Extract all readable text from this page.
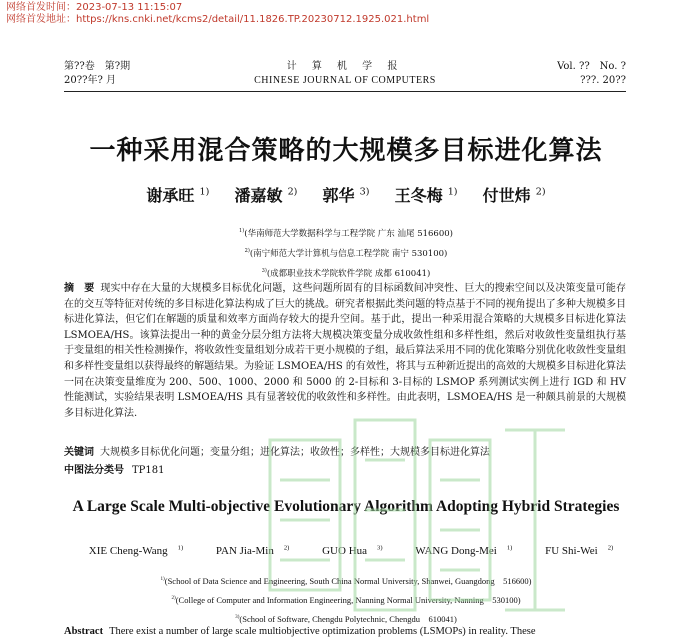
网络首发时间：2023-07-13 11:15:07
网络首发地址：https://kns.cnki.net/kcms2/detail/11.1826.TP.20230712.1925.021.html
第??卷　第?期
20??年? 月
计 算 机 学 报
CHINESE JOURNAL OF COMPUTERS
Vol. ??　No. ?
???. 20??
一种采用混合策略的大规模多目标进化算法
谢承旺 $^{1)}$ 潘嘉敏 $^{2)}$ 郭华 $^{3)}$ 王冬梅 $^{1)}$ 付世炜 $^{2)}$
$^{1)}$(华南师范大学数据科学与工程学院 广东 汕尾 516600)
$^{2)}$(南宁师范大学计算机与信息工程学院 南宁 530100)
$^{3)}$(成都职业技术学院软件学院 成都 610041)
摘　要 现实中存在大量的大规模多目标优化问题，这些问题所固有的目标函数间冲突性、巨大的搜索空间以及决策变量可能存在的交互等特征对传统的多目标进化算法构成了巨大的挑战。研究者根据此类问题的特点基于不同的视角提出了多种大规模多目标进化算法，但它们在解题的质量和效率方面尚存较大的提升空间。基于此，提出一种采用混合策略的大规模多目标进化算法 LSMOEA/HS。该算法提出一种的黄金分层分组方法将大规模决策变量分成收敛性组和多样性组，然后对收敛性变量组执行基于变量组的相关性检测操作，将收敛性变量组划分成若干更小规模的子组，最后算法采用不同的优化策略分别优化收敛性变量组和多样性变量组以获得最终的解题结果。为验证 LSMOEA/HS 的有效性，将其与五种新近提出的高效的大规模多目标进化算法一同在决策变量维度为 200、500、1000、2000 和 5000 的 2-目标和 3-目标的 LSMOP 系列测试实例上进行 IGD 和 HV 性能测试，实验结果表明 LSMOEA/HS 具有显著较优的收敛性和多样性。由此表明，LSMOEA/HS 是一种颇具前景的大规模多目标进化算法.
关键词 大规模多目标优化问题；变量分组；进化算法；收敛性；多样性；大规模多目标进化算法
中图法分类号 TP181
A Large Scale Multi-objective Evolutionary Algorithm Adopting Hybrid Strategies
XIE Cheng-Wang $^{1)}$	PAN Jia-Min $^{2)}$	GUO Hua $^{3)}$	WANG Dong-Mei $^{1)}$	FU Shi-Wei $^{2)}$
$^{1)}$(School of Data Science and Engineering, South China Normal University, Shanwei, Guangdong　516600)
$^{2)}$(College of Computer and Information Engineering, Nanning Normal University, Nanning　530100)
$^{3)}$(School of Software, Chengdu Polytechnic, Chengdu　610041)
Abstract There exist a number of large scale multiobjective optimization problems (LSMOPs) in reality. These
